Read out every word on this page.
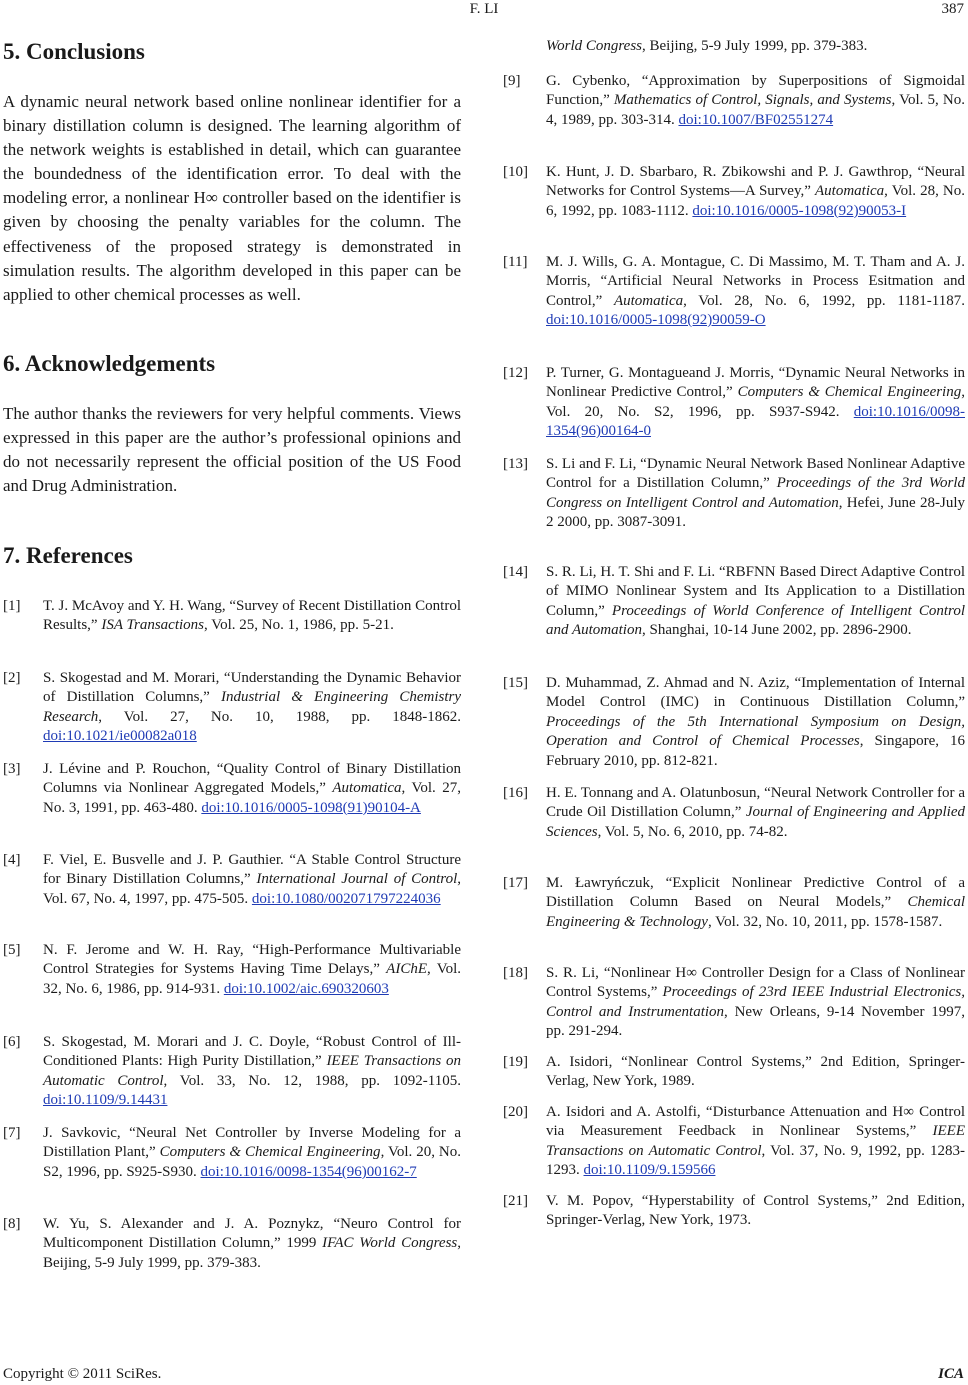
F. LI	387
5. Conclusions

A dynamic neural network based online nonlinear identifier for a binary distillation column is designed. The learning algorithm of the network weights is established in detail, which can guarantee the boundedness of the identification error. To deal with the modeling error, a nonlinear H∞ controller based on the identifier is given by choosing the penalty variables for the column. The effectiveness of the proposed strategy is demonstrated in simulation results. The algorithm developed in this paper can be applied to other chemical processes as well.

6. Acknowledgements

The author thanks the reviewers for very helpful comments. Views expressed in this paper are the author’s professional opinions and do not necessarily represent the official position of the US Food and Drug Administration.

7. References
[1] T. J. McAvoy and Y. H. Wang, “Survey of Recent Distillation Control Results,” ISA Transactions, Vol. 25, No. 1, 1986, pp. 5-21.
[2] S. Skogestad and M. Morari, “Understanding the Dynamic Behavior of Distillation Columns,” Industrial & Engineering Chemistry Research, Vol. 27, No. 10, 1988, pp. 1848-1862. doi:10.1021/ie00082a018
[3] J. Lévine and P. Rouchon, “Quality Control of Binary Distillation Columns via Nonlinear Aggregated Models,” Automatica, Vol. 27, No. 3, 1991, pp. 463-480. doi:10.1016/0005-1098(91)90104-A
[4] F. Viel, E. Busvelle and J. P. Gauthier. “A Stable Control Structure for Binary Distillation Columns,” International Journal of Control, Vol. 67, No. 4, 1997, pp. 475-505. doi:10.1080/002071797224036
[5] N. F. Jerome and W. H. Ray, “High-Performance Multivariable Control Strategies for Systems Having Time Delays,” AIChE, Vol. 32, No. 6, 1986, pp. 914-931. doi:10.1002/aic.690320603
[6] S. Skogestad, M. Morari and J. C. Doyle, “Robust Control of Ill-Conditioned Plants: High Purity Distillation,” IEEE Transactions on Automatic Control, Vol. 33, No. 12, 1988, pp. 1092-1105. doi:10.1109/9.14431
[7] J. Savkovic, “Neural Net Controller by Inverse Modeling for a Distillation Plant,” Computers & Chemical Engineering, Vol. 20, No. S2, 1996, pp. S925-S930. doi:10.1016/0098-1354(96)00162-7
[8] W. Yu, S. Alexander and J. A. Poznykz, “Neuro Control for Multicomponent Distillation Column,” 1999 IFAC World Congress, Beijing, 5-9 July 1999, pp. 379-383.
World Congress, Beijing, 5-9 July 1999, pp. 379-383.
[9] G. Cybenko, “Approximation by Superpositions of Sigmoidal Function,” Mathematics of Control, Signals, and Systems, Vol. 5, No. 4, 1989, pp. 303-314. doi:10.1007/BF02551274
[10] K. Hunt, J. D. Sbarbaro, R. Zbikowshi and P. J. Gawthrop, “Neural Networks for Control Systems—A Survey,” Automatica, Vol. 28, No. 6, 1992, pp. 1083-1112. doi:10.1016/0005-1098(92)90053-I
[11] M. J. Wills, G. A. Montague, C. Di Massimo, M. T. Tham and A. J. Morris, “Artificial Neural Networks in Process Esitmation and Control,” Automatica, Vol. 28, No. 6, 1992, pp. 1181-1187. doi:10.1016/0005-1098(92)90059-O
[12] P. Turner, G. Montagueand J. Morris, “Dynamic Neural Networks in Nonlinear Predictive Control,” Computers & Chemical Engineering, Vol. 20, No. S2, 1996, pp. S937-S942. doi:10.1016/0098-1354(96)00164-0
[13] S. Li and F. Li, “Dynamic Neural Network Based Nonlinear Adaptive Control for a Distillation Column,” Proceedings of the 3rd World Congress on Intelligent Control and Automation, Hefei, June 28-July 2 2000, pp. 3087-3091.
[14] S. R. Li, H. T. Shi and F. Li. “RBFNN Based Direct Adaptive Control of MIMO Nonlinear System and Its Application to a Distillation Column,” Proceedings of World Conference of Intelligent Control and Automation, Shanghai, 10-14 June 2002, pp. 2896-2900.
[15] D. Muhammad, Z. Ahmad and N. Aziz, “Implementation of Internal Model Control (IMC) in Continuous Distillation Column,” Proceedings of the 5th International Symposium on Design, Operation and Control of Chemical Processes, Singapore, 16 February 2010, pp. 812-821.
[16] H. E. Tonnang and A. Olatunbosun, “Neural Network Controller for a Crude Oil Distillation Column,” Journal of Engineering and Applied Sciences, Vol. 5, No. 6, 2010, pp. 74-82.
[17] M. Ławryńczuk, “Explicit Nonlinear Predictive Control of a Distillation Column Based on Neural Models,” Chemical Engineering & Technology, Vol. 32, No. 10, 2011, pp. 1578-1587.
[18] S. R. Li, “Nonlinear H∞ Controller Design for a Class of Nonlinear Control Systems,” Proceedings of 23rd IEEE Industrial Electronics, Control and Instrumentation, New Orleans, 9-14 November 1997, pp. 291-294.
[19] A. Isidori, “Nonlinear Control Systems,” 2nd Edition, Springer-Verlag, New York, 1989.
[20] A. Isidori and A. Astolfi, “Disturbance Attenuation and H∞ Control via Measurement Feedback in Nonlinear Systems,” IEEE Transactions on Automatic Control, Vol. 37, No. 9, 1992, pp. 1283-1293. doi:10.1109/9.159566
[21] V. M. Popov, “Hyperstability of Control Systems,” 2nd Edition, Springer-Verlag, New York, 1973.
Copyright © 2011 SciRes.	ICA
